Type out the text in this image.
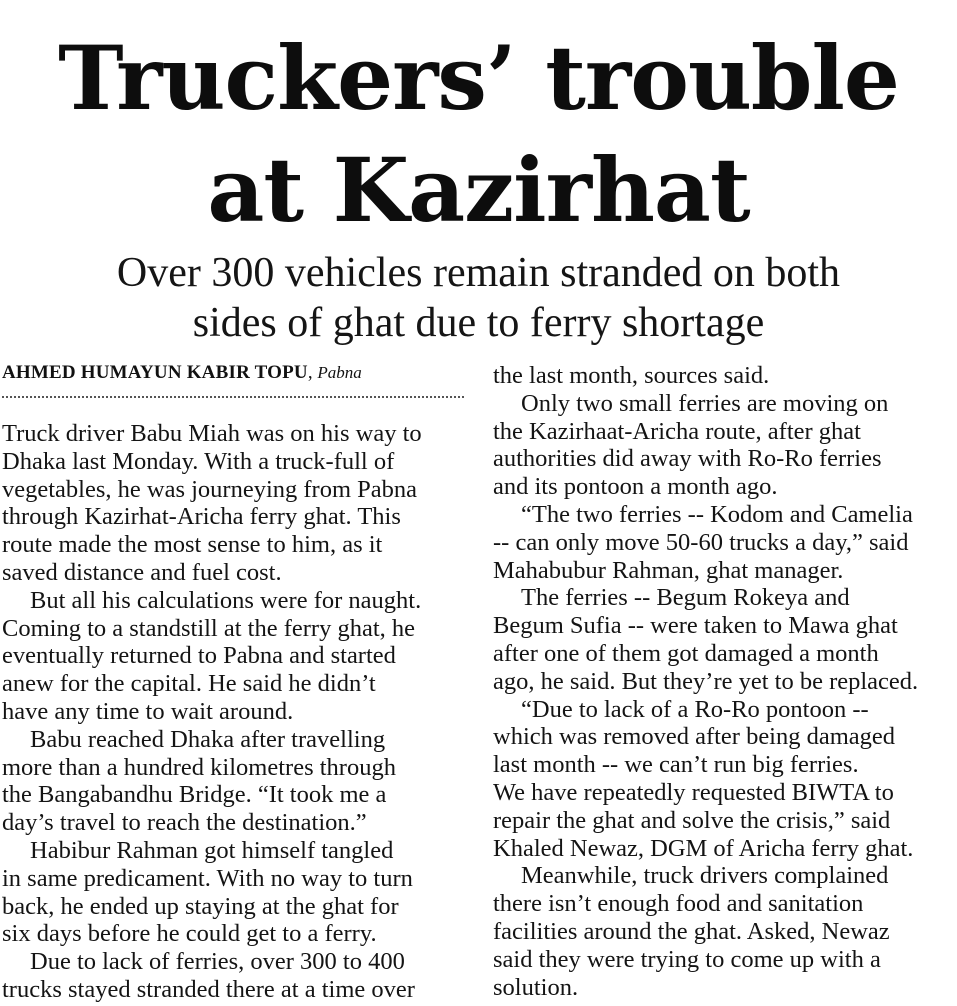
Truckers’ trouble
at Kazirhat
Over 300 vehicles remain stranded on both
sides of ghat due to ferry shortage
AHMED HUMAYUN KABIR TOPU, Pabna
Truck driver Babu Miah was on his way to
Dhaka last Monday. With a truck-full of
vegetables, he was journeying from Pabna
through Kazirhat-Aricha ferry ghat. This
route made the most sense to him, as it
saved distance and fuel cost.
But all his calculations were for naught.
Coming to a standstill at the ferry ghat, he
eventually returned to Pabna and started
anew for the capital. He said he didn’t
have any time to wait around.
Babu reached Dhaka after travelling
more than a hundred kilometres through
the Bangabandhu Bridge. “It took me a
day’s travel to reach the destination.”
Habibur Rahman got himself tangled
in same predicament. With no way to turn
back, he ended up staying at the ghat for
six days before he could get to a ferry.
Due to lack of ferries, over 300 to 400
trucks stayed stranded there at a time over
the last month, sources said.
Only two small ferries are moving on
the Kazirhaat-Aricha route, after ghat
authorities did away with Ro-Ro ferries
and its pontoon a month ago.
“The two ferries -- Kodom and Camelia
-- can only move 50-60 trucks a day,” said
Mahabubur Rahman, ghat manager.
The ferries -- Begum Rokeya and
Begum Sufia -- were taken to Mawa ghat
after one of them got damaged a month
ago, he said. But they’re yet to be replaced.
“Due to lack of a Ro-Ro pontoon --
which was removed after being damaged
last month -- we can’t run big ferries.
We have repeatedly requested BIWTA to
repair the ghat and solve the crisis,” said
Khaled Newaz, DGM of Aricha ferry ghat.
Meanwhile, truck drivers complained
there isn’t enough food and sanitation
facilities around the ghat. Asked, Newaz
said they were trying to come up with a
solution.
